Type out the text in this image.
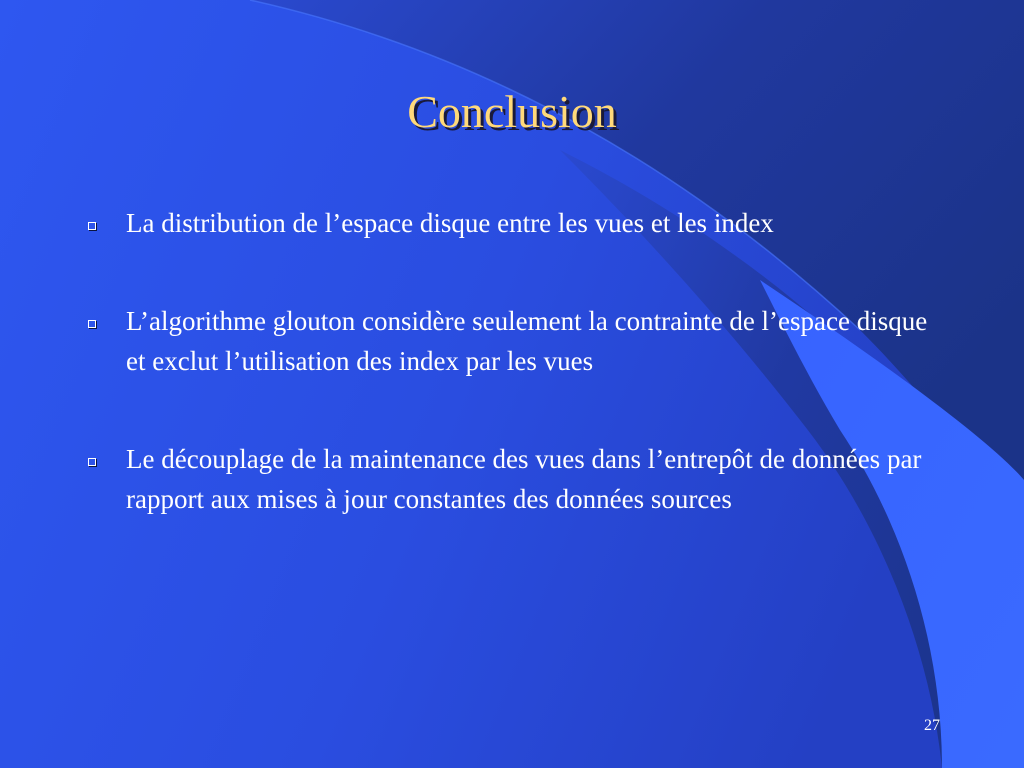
Conclusion
La distribution de l’espace disque entre les vues et les index
L’algorithme glouton considère seulement la contrainte de l’espace disque et exclut l’utilisation des index par les vues
Le découplage de la maintenance des vues dans l’entrepôt de données par rapport aux mises à jour constantes des données sources
27
